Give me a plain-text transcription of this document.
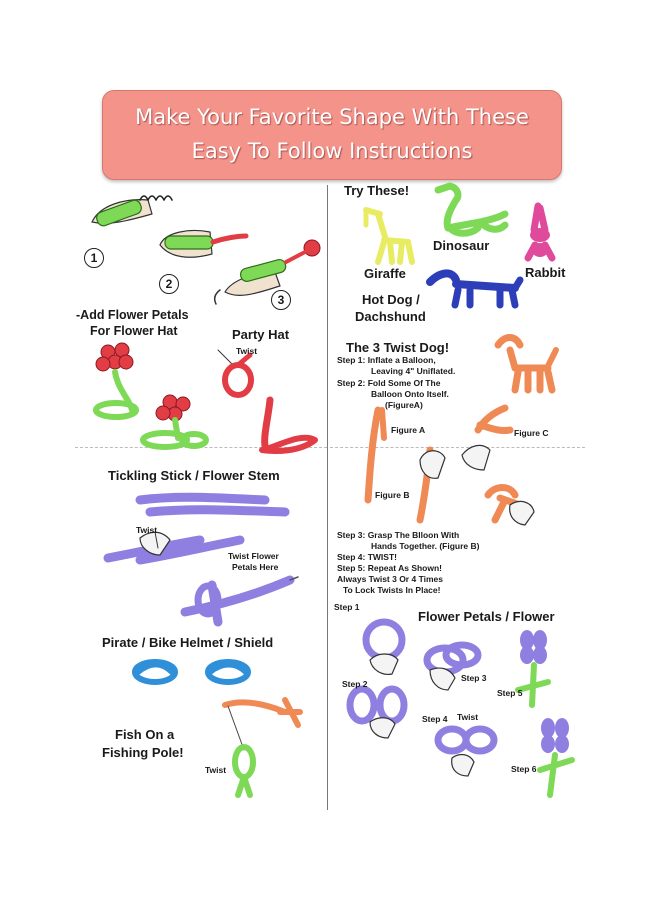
Make Your Favorite Shape With These
Easy To Follow Instructions
1
2
3
-Add Flower Petals
For Flower Hat	Party Hat
Twist
Tickling Stick / Flower Stem
Twist
Twist Flower
Petals Here
Pirate / Bike Helmet / Shield
Fish On a
Fishing Pole!
Twist
Try These!
Dinosaur
Giraffe	Rabbit
Hot Dog /
Dachshund
The 3 Twist Dog!
Step 1: Inflate a Balloon,
Leaving 4" Uniflated.
Step 2: Fold Some Of The
Balloon Onto Itself.
(FigureA)
Figure A	Figure C
Figure B
Step 3: Grasp The Blloon With
Hands Together. (Figure B)
Step 4: TWIST!
Step 5: Repeat As Shown!
Always Twist 3 Or 4 Times
To Lock Twists In Place!
Flower Petals / Flower
Step 1
Step 2
Step 3
Step 4 Twist
Step 5
Step 6
